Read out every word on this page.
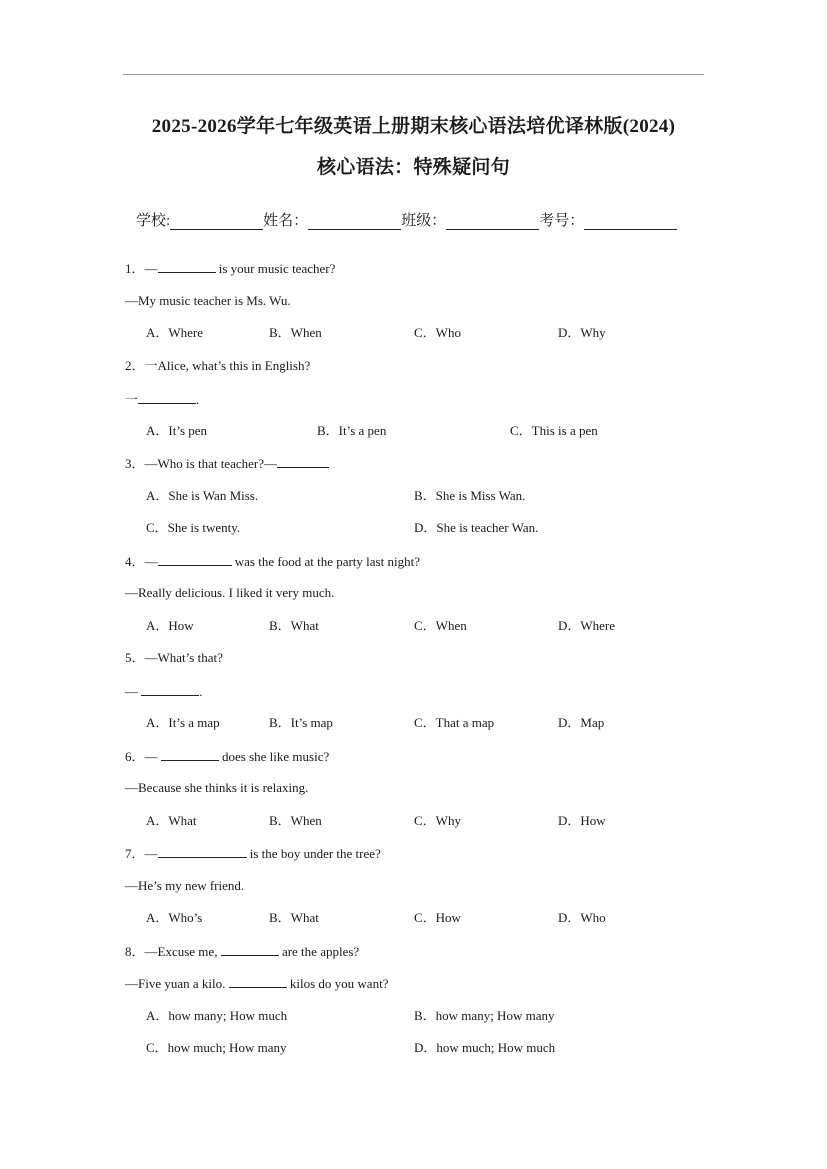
2025-2026学年七年级英语上册期末核心语法培优译林版(2024)
核心语法：特殊疑问句
学校:	姓名：	班级：	考号：
1．—	is your music teacher?
—My music teacher is Ms. Wu.
A．Where	B．When	C．Who	D．Why
2．一Alice, what’s this in English?
一	.
A．It’s pen	B．It’s a pen	C．This is a pen
3．—Who is that teacher?—
A．She is Wan Miss.	B．She is Miss Wan.
C．She is twenty.	D．She is teacher Wan.
4．—	was the food at the party last night?
—Really delicious. I liked it very much.
A．How	B．What	C．When	D．Where
5．—What’s that?
—	.
A．It’s a map	B．It’s map	C．That a map	D．Map
6．—	does she like music?
—Because she thinks it is relaxing.
A．What	B．When	C．Why	D．How
7．—	is the boy under the tree?
—He’s my new friend.
A．Who’s	B．What	C．How	D．Who
8．—Excuse me,	are the apples?
—Five yuan a kilo.	kilos do you want?
A．how many; How much	B．how many; How many
C．how much; How many	D．how much; How much
